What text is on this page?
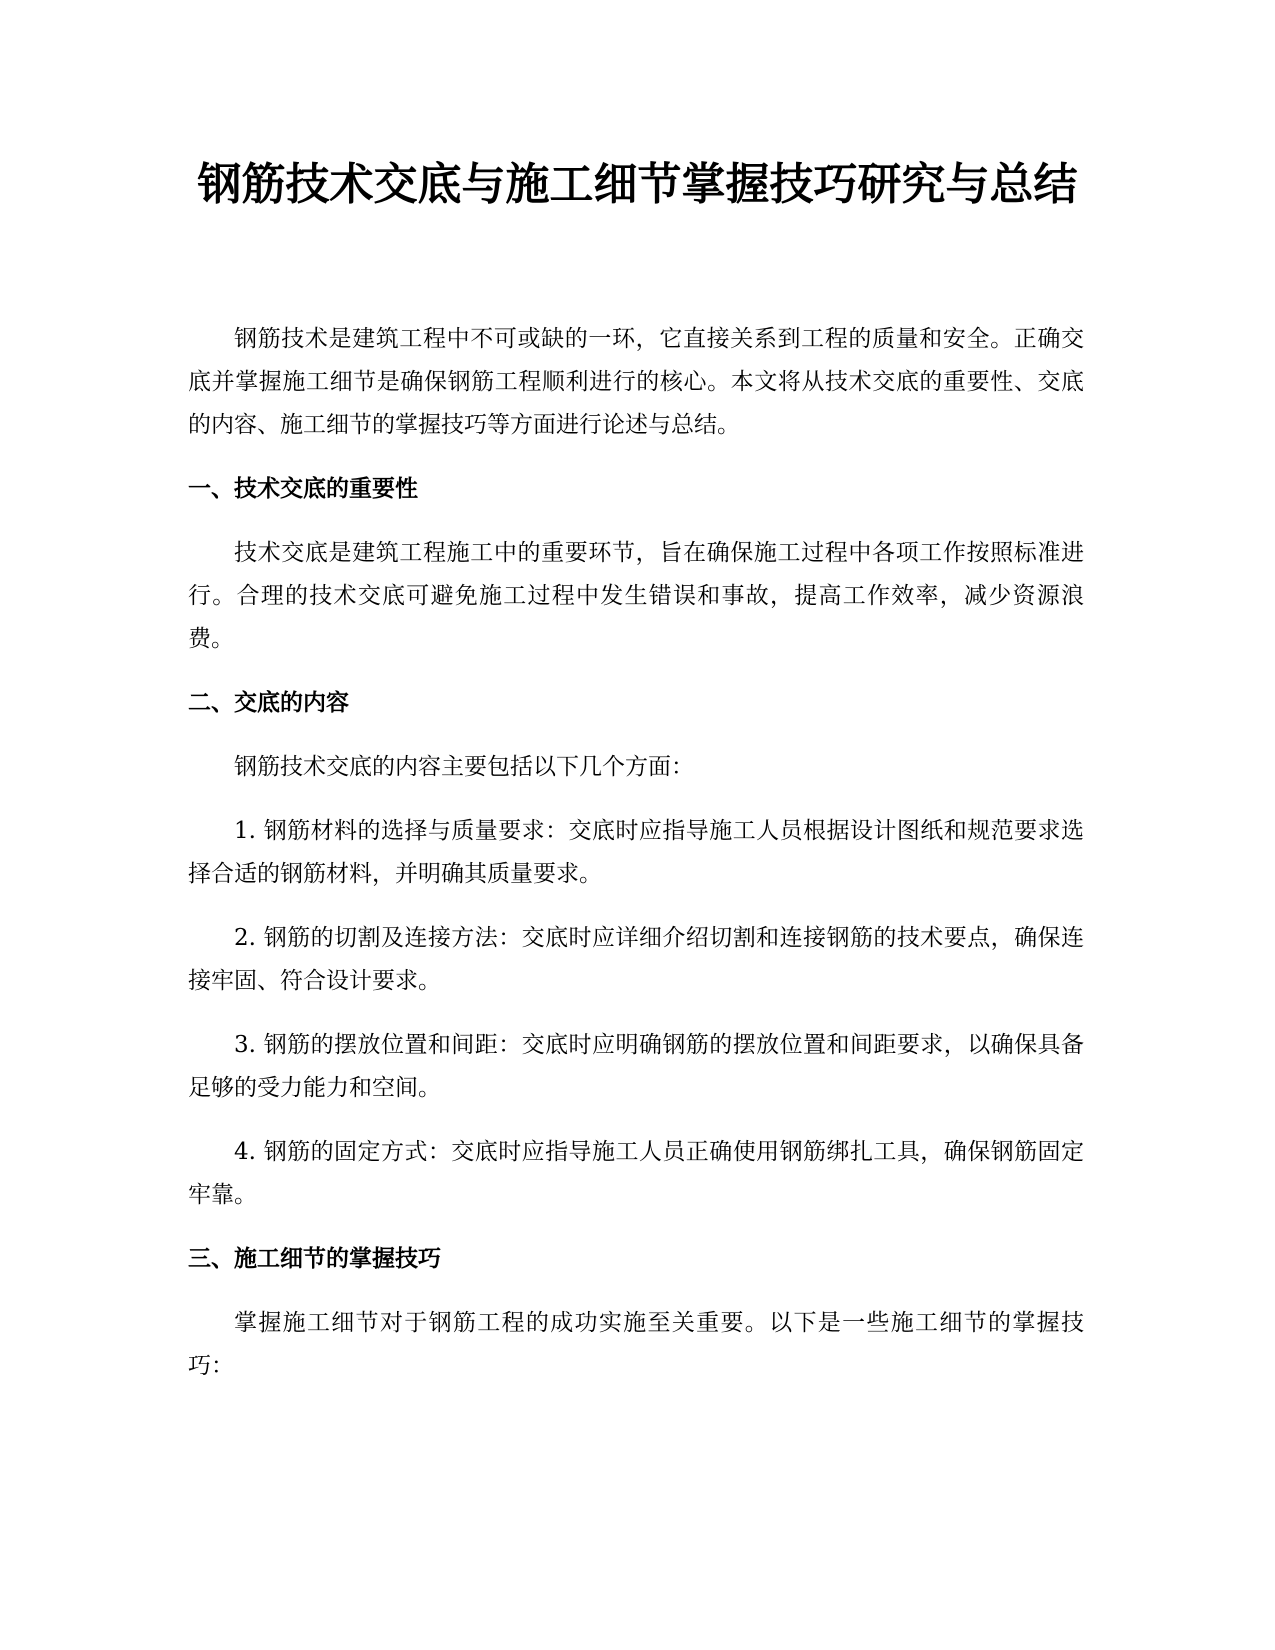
钢筋技术交底与施工细节掌握技巧研究与总结

钢筋技术是建筑工程中不可或缺的一环，它直接关系到工程的质量和安全。正确交底并掌握施工细节是确保钢筋工程顺利进行的核心。本文将从技术交底的重要性、交底的内容、施工细节的掌握技巧等方面进行论述与总结。

一、技术交底的重要性

技术交底是建筑工程施工中的重要环节，旨在确保施工过程中各项工作按照标准进行。合理的技术交底可避免施工过程中发生错误和事故，提高工作效率，减少资源浪费。

二、交底的内容

钢筋技术交底的内容主要包括以下几个方面：

1. 钢筋材料的选择与质量要求：交底时应指导施工人员根据设计图纸和规范要求选择合适的钢筋材料，并明确其质量要求。

2. 钢筋的切割及连接方法：交底时应详细介绍切割和连接钢筋的技术要点，确保连接牢固、符合设计要求。

3. 钢筋的摆放位置和间距：交底时应明确钢筋的摆放位置和间距要求，以确保具备足够的受力能力和空间。

4. 钢筋的固定方式：交底时应指导施工人员正确使用钢筋绑扎工具，确保钢筋固定牢靠。

三、施工细节的掌握技巧

掌握施工细节对于钢筋工程的成功实施至关重要。以下是一些施工细节的掌握技巧：
